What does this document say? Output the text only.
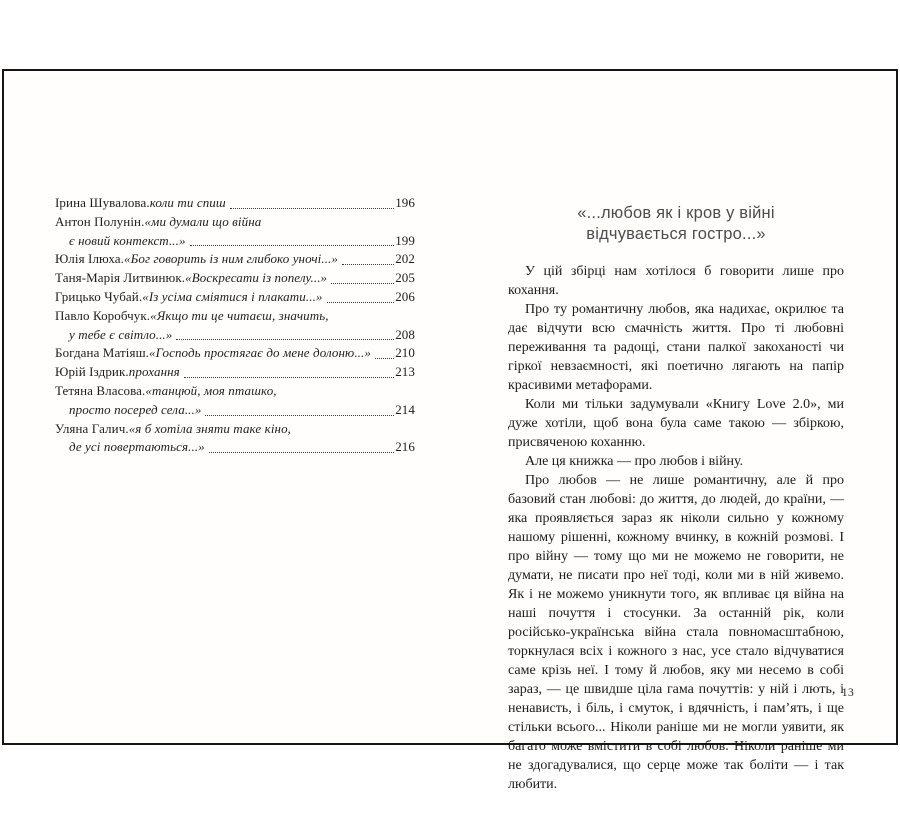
Ірина Шувалова. коли ти спиш	196
Антон Полунін. «ми думали що війна
є новий контекст...»	199
Юлія Ілюха. «Бог говорить із ним глибоко уночі...»	202
Таня-Марія Литвинюк. «Воскресати із попелу...»	205
Грицько Чубай. «Із усіма сміятися і плакати...»	206
Павло Коробчук. «Якщо ти це читаєш, значить,
у тебе є світло...»	208
Богдана Матіяш. «Господь простягає до мене долоню...» 210
Юрій Іздрик. прохання	213
Тетяна Власова. «танцюй, моя пташко,
просто посеред села...»	214
Уляна Галич. «я б хотіла зняти таке кіно,
де усі повертаються...»	216
«...любов як і кров у війні
відчувається гостро...»

У цій збірці нам хотілося б говорити лише про кохання.

Про ту романтичну любов, яка надихає, окрилює та дає відчути всю смачність життя. Про ті любовні переживання та радощі, стани палкої закоханості чи гіркої невзаємності, які поетично лягають на папір красивими метафорами.

Коли ми тільки задумували «Книгу Love 2.0», ми дуже хотіли, щоб вона була саме такою — збіркою, присвяченою коханню.

Але ця книжка — про любов і війну.

Про любов — не лише романтичну, але й про базовий стан любові: до життя, до людей, до країни, — яка проявляється зараз як ніколи сильно у кожному нашому рішенні, кожному вчинку, в кожній розмові. І про війну — тому що ми не можемо не говорити, не думати, не писати про неї тоді, коли ми в ній живемо. Як і не можемо уникнути того, як впливає ця війна на наші почуття і стосунки. За останній рік, коли російсько-українська війна стала повномасштабною, торкнулася всіх і кожного з нас, усе стало відчуватися саме крізь неї. І тому й любов, яку ми несемо в собі зараз, — це швидше ціла гама почуттів: у ній і лють, і ненависть, і біль, і смуток, і вдячність, і пам’ять, і ще стільки всього... Ніколи раніше ми не могли уявити, як багато може вмістити в собі любов. Ніколи раніше ми не здогадувалися, що серце може так боліти — і так любити.

13
